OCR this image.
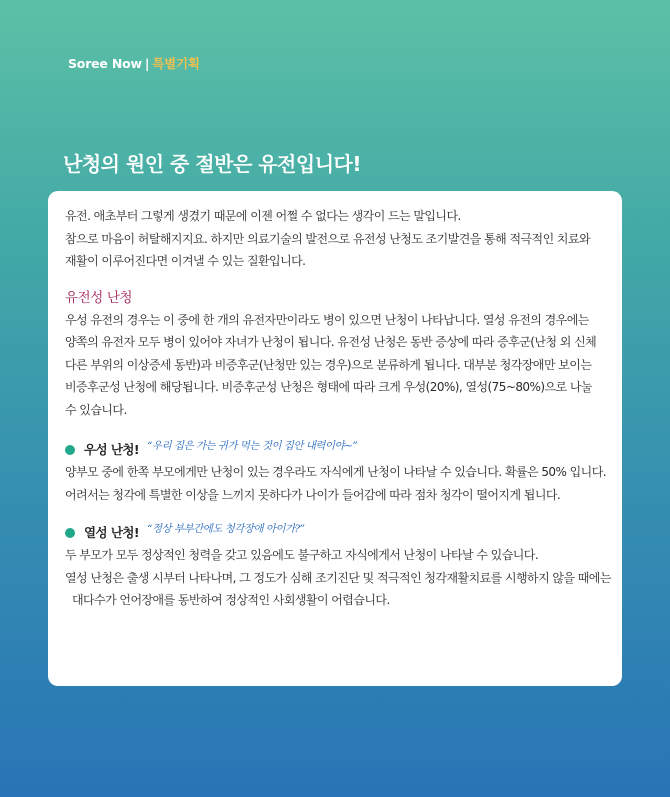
Soree Now | 특별기획
난청의 원인 중 절반은 유전입니다!

유전. 애초부터 그렇게 생겼기 때문에 이젠 어쩔 수 없다는 생각이 드는 말입니다.

참으로 마음이 허탈해지지요. 하지만 의료기술의 발전으로 유전성 난청도 조기발견을 통해 적극적인 치료와

재활이 이루어진다면 이겨낼 수 있는 질환입니다.

유전성 난청

우성 유전의 경우는 이 중에 한 개의 유전자만이라도 병이 있으면 난청이 나타납니다. 열성 유전의 경우에는

양쪽의 유전자 모두 병이 있어야 자녀가 난청이 됩니다. 유전성 난청은 동반 증상에 따라 증후군(난청 외 신체

다른 부위의 이상증세 동반)과 비증후군(난청만 있는 경우)으로 분류하게 됩니다. 대부분 청각장애만 보이는

비증후군성 난청에 해당됩니다. 비증후군성 난청은 형태에 따라 크게 우성(20%), 열성(75~80%)으로 나눌

수 있습니다.

우성 난청! “우리 집은 가는 귀가 먹는 것이 집안 내력이야~”

양부모 중에 한쪽 부모에게만 난청이 있는 경우라도 자식에게 난청이 나타날 수 있습니다. 확률은 50% 입니다.

어려서는 청각에 특별한 이상을 느끼지 못하다가 나이가 들어감에 따라 점차 청각이 떨어지게 됩니다.

열성 난청! “정상 부부간에도 청각장애 아이가?”

두 부모가 모두 정상적인 청력을 갖고 있음에도 불구하고 자식에게서 난청이 나타날 수 있습니다.

열성 난청은 출생 시부터 나타나며, 그 정도가 심해 조기진단 및 적극적인 청각재활치료를 시행하지 않을 때에는

대다수가 언어장애를 동반하여 정상적인 사회생활이 어렵습니다.
